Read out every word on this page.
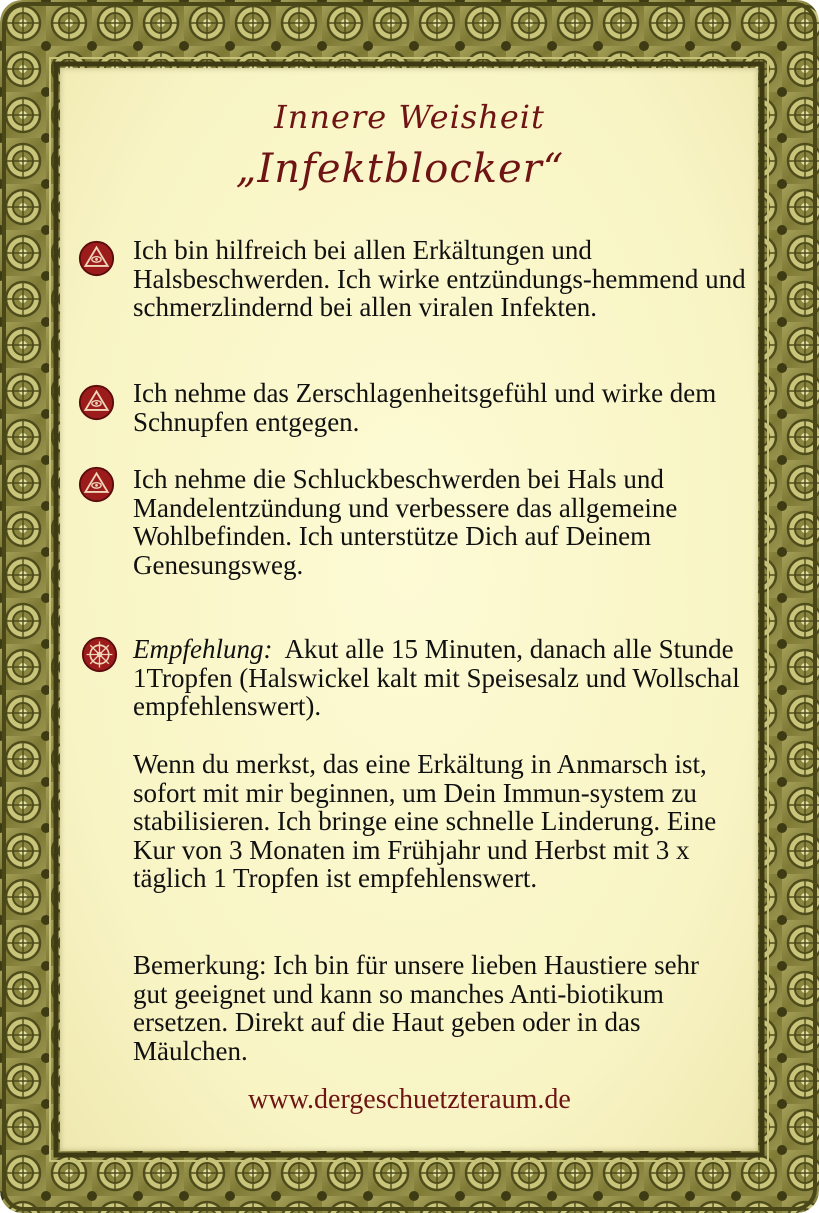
Innere Weisheit
„Infektblocker“

Ich bin hilfreich bei allen Erkältungen und Halsbeschwerden. Ich wirke entzündungs-hemmend und schmerzlindernd bei allen viralen Infekten.

Ich nehme das Zerschlagenheitsgefühl und wirke dem Schnupfen entgegen.

Ich nehme die Schluckbeschwerden bei Hals und Mandelentzündung und verbessere das allgemeine Wohlbefinden. Ich unterstütze Dich auf Deinem Genesungsweg.

Empfehlung: Akut alle 15 Minuten, danach alle Stunde 1Tropfen (Halswickel kalt mit Speisesalz und Wollschal empfehlenswert).

Wenn du merkst, das eine Erkältung in Anmarsch ist, sofort mit mir beginnen, um Dein Immun-system zu stabilisieren. Ich bringe eine schnelle Linderung. Eine Kur von 3 Monaten im Frühjahr und Herbst mit 3 x täglich 1 Tropfen ist empfehlenswert.

Bemerkung: Ich bin für unsere lieben Haustiere sehr gut geeignet und kann so manches Anti-biotikum ersetzen. Direkt auf die Haut geben oder in das Mäulchen.

www.dergeschuetzteraum.de
